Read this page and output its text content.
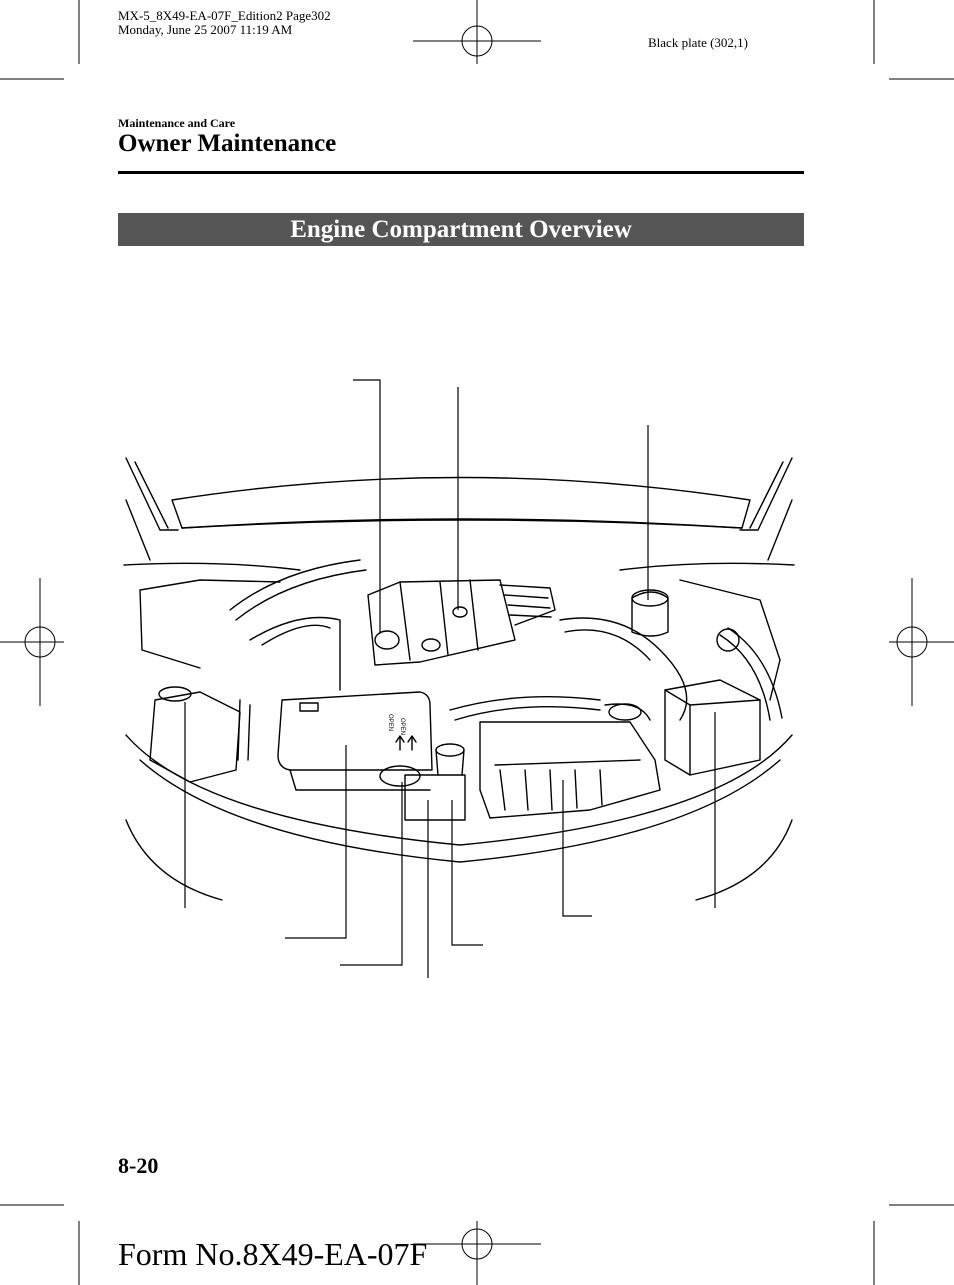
MX-5_8X49-EA-07F_Edition2 Page302
Monday, June 25 2007 11:19 AM
Black plate (302,1)
Maintenance and Care
Owner Maintenance
Engine Compartment Overview
OPEN OPEN
8-20
Form No.8X49-EA-07F
